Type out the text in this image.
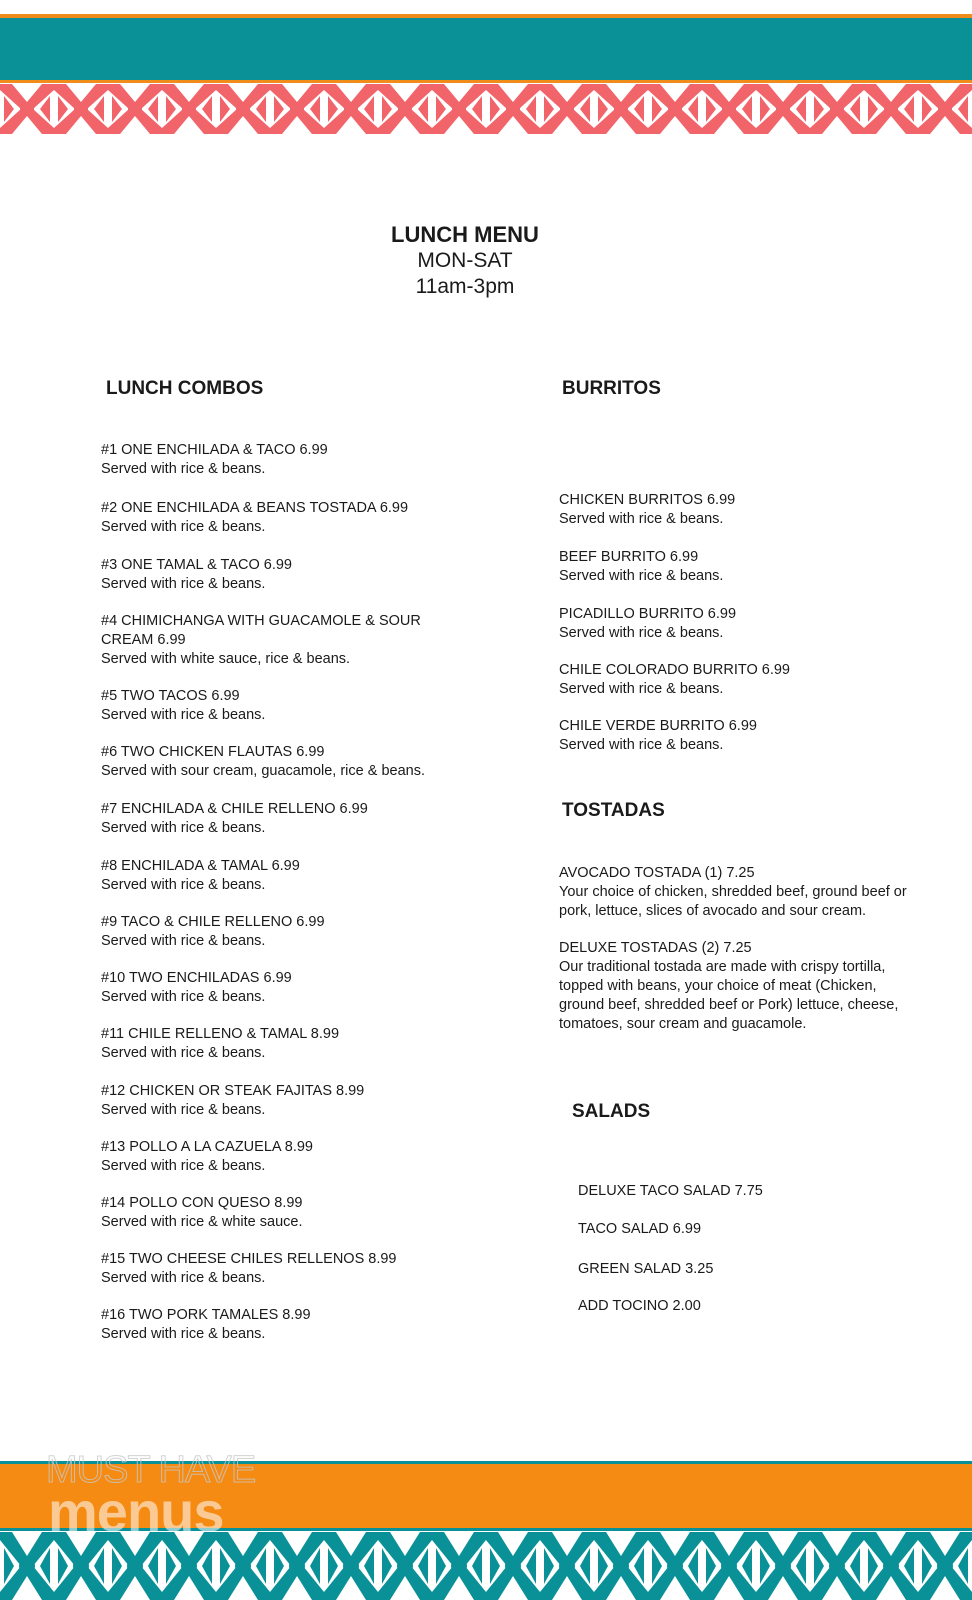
MUST HAVE
menus
LUNCH MENU
MON-SAT
11am-3pm
LUNCH COMBOS
#1 ONE ENCHILADA & TACO 6.99
Served with rice & beans.
#2 ONE ENCHILADA & BEANS TOSTADA 6.99
Served with rice & beans.
#3 ONE TAMAL & TACO 6.99
Served with rice & beans.
#4 CHIMICHANGA WITH GUACAMOLE & SOUR CREAM 6.99
Served with white sauce, rice & beans.
#5 TWO TACOS 6.99
Served with rice & beans.
#6 TWO CHICKEN FLAUTAS 6.99
Served with sour cream, guacamole, rice & beans.
#7 ENCHILADA & CHILE RELLENO 6.99
Served with rice & beans.
#8 ENCHILADA & TAMAL 6.99
Served with rice & beans.
#9 TACO & CHILE RELLENO 6.99
Served with rice & beans.
#10 TWO ENCHILADAS 6.99
Served with rice & beans.
#11 CHILE RELLENO & TAMAL 8.99
Served with rice & beans.
#12 CHICKEN OR STEAK FAJITAS 8.99
Served with rice & beans.
#13 POLLO A LA CAZUELA 8.99
Served with rice & beans.
#14 POLLO CON QUESO 8.99
Served with rice & white sauce.
#15 TWO CHEESE CHILES RELLENOS 8.99
Served with rice & beans.
#16 TWO PORK TAMALES 8.99
Served with rice & beans.
BURRITOS
CHICKEN BURRITOS 6.99
Served with rice & beans.
BEEF BURRITO 6.99
Served with rice & beans.
PICADILLO BURRITO 6.99
Served with rice & beans.
CHILE COLORADO BURRITO 6.99
Served with rice & beans.
CHILE VERDE BURRITO 6.99
Served with rice & beans.
TOSTADAS
AVOCADO TOSTADA (1) 7.25
Your choice of chicken, shredded beef, ground beef or pork, lettuce, slices of avocado and sour cream.
DELUXE TOSTADAS (2) 7.25
Our traditional tostada are made with crispy tortilla, topped with beans, your choice of meat (Chicken, ground beef, shredded beef or Pork) lettuce, cheese, tomatoes, sour cream and guacamole.
SALADS
DELUXE TACO SALAD 7.75
TACO SALAD 6.99
GREEN SALAD 3.25
ADD TOCINO 2.00
